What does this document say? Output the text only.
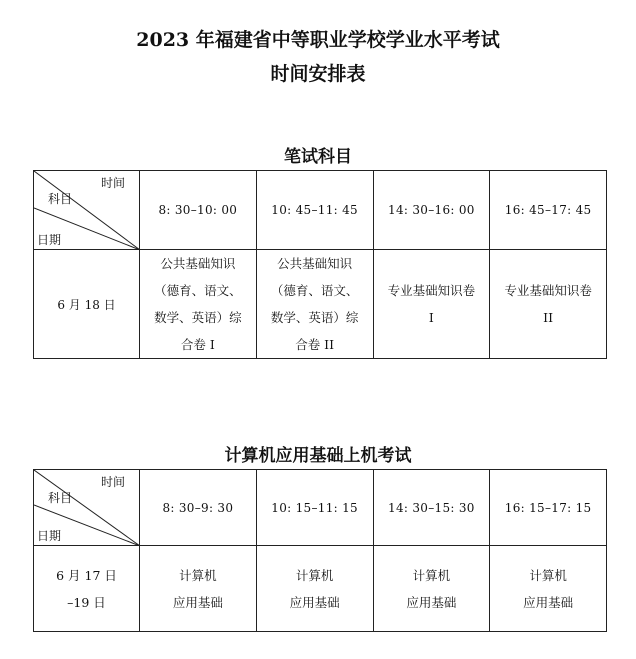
2023 年福建省中等职业学校学业水平考试
时间安排表
笔试科目
时间
科目
日期	8: 30–10: 00	10: 45–11: 45	14: 30–16: 00	16: 45–17: 45
6 月 18 日	公共基础知识
（德育、语文、
数学、英语）综
合卷 I	公共基础知识
（德育、语文、
数学、英语）综
合卷 II	专业基础知识卷
I	专业基础知识卷
II
计算机应用基础上机考试
时间
科目
日期	8: 30–9: 30	10: 15–11: 15	14: 30–15: 30	16: 15–17: 15

6 月 17 日
–19 日	计算机
应用基础	计算机
应用基础	计算机
应用基础	计算机
应用基础
